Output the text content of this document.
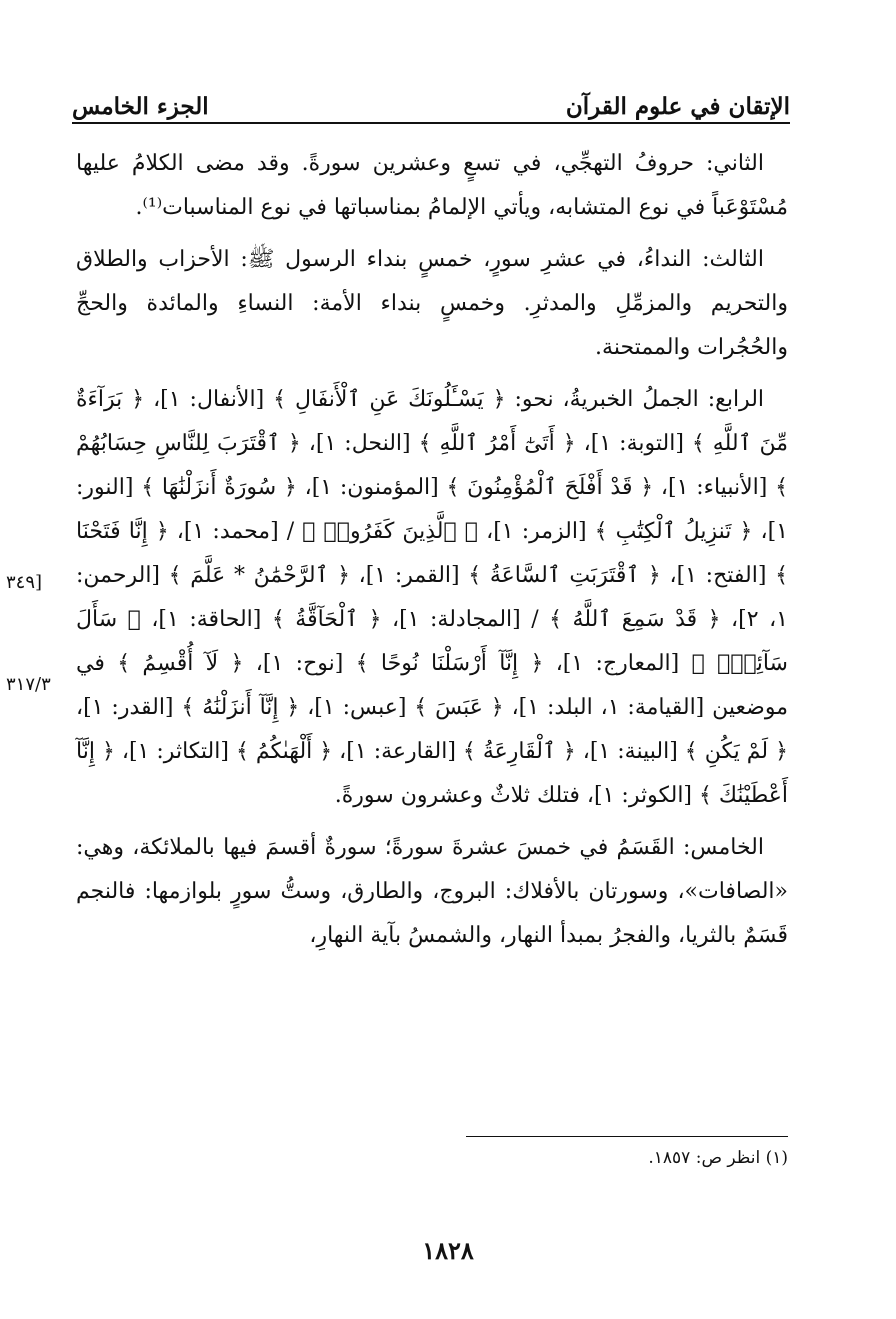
الإتقان في علوم القرآن
الجزء الخامس

الثاني: حروفُ التهجِّي، في تسعٍ وعشرين سورةً. وقد مضى الكلامُ عليها مُسْتَوْعَباً في نوع المتشابه، ويأتي الإلمامُ بمناسباتها في نوع المناسبات⁽¹⁾.

الثالث: النداءُ، في عشرِ سورٍ، خمسٍ بنداء الرسول ﷺ: الأحزاب والطلاق والتحريم والمزمِّلِ والمدثرِ. وخمسٍ بنداء الأمة: النساءِ والمائدة والحجِّ والحُجُرات والممتحنة.

الرابع: الجملُ الخبريةُ، نحو: ﴿ يَسْـَٔلُونَكَ عَنِ ٱلْأَنفَالِ ﴾ [الأنفال: ١]، ﴿ بَرَآءَةٌ مِّنَ ٱللَّهِ ﴾ [التوبة: ١]، ﴿ أَتَىٰٓ أَمْرُ ٱللَّهِ ﴾ [النحل: ١]، ﴿ ٱقْتَرَبَ لِلنَّاسِ حِسَابُهُمْ ﴾ [الأنبياء: ١]، ﴿ قَدْ أَفْلَحَ ٱلْمُؤْمِنُونَ ﴾ [المؤمنون: ١]، ﴿ سُورَةٌ أَنزَلْنَٰهَا ﴾ [النور: ١]، ﴿ تَنزِيلُ ٱلْكِتَٰبِ ﴾ [الزمر: ١]، ﴿ ٱلَّذِينَ كَفَرُوا۟ ﴾ / [محمد: ١]، ﴿ إِنَّا فَتَحْنَا ﴾ [الفتح: ١]، ﴿ ٱقْتَرَبَتِ ٱلسَّاعَةُ ﴾ [القمر: ١]، ﴿ ٱلرَّحْمَٰنُ * عَلَّمَ ﴾ [الرحمن: ١، ٢]، ﴿ قَدْ سَمِعَ ٱللَّهُ ﴾ / [المجادلة: ١]، ﴿ ٱلْحَآقَّةُ ﴾ [الحاقة: ١]، ﴿ سَأَلَ سَآئِلٌۢ ﴾ [المعارج: ١]، ﴿ إِنَّآ أَرْسَلْنَا نُوحًا ﴾ [نوح: ١]، ﴿ لَآ أُقْسِمُ ﴾ في موضعين [القيامة: ١، البلد: ١]، ﴿ عَبَسَ ﴾ [عبس: ١]، ﴿ إِنَّآ أَنزَلْنَٰهُ ﴾ [القدر: ١]، ﴿ لَمْ يَكُنِ ﴾ [البينة: ١]، ﴿ ٱلْقَارِعَةُ ﴾ [القارعة: ١]، ﴿ أَلْهَىٰكُمُ ﴾ [التكاثر: ١]، ﴿ إِنَّآ أَعْطَيْنَٰكَ ﴾ [الكوثر: ١]، فتلك ثلاثٌ وعشرون سورةً.

الخامس: القَسَمُ في خمسَ عشرةَ سورةً؛ سورةٌ أقسمَ فيها بالملائكة، وهي: «الصافات»، وسورتان بالأفلاك: البروج، والطارق، وستُّ سورٍ بلوازمها: فالنجم قَسَمٌ بالثريا، والفجرُ بمبدأ النهار، والشمسُ بآية النهارِ،

[٣٤٩
٣١٧/٣
(١) انظر ص: ١٨٥٧.
١٨٢٨
